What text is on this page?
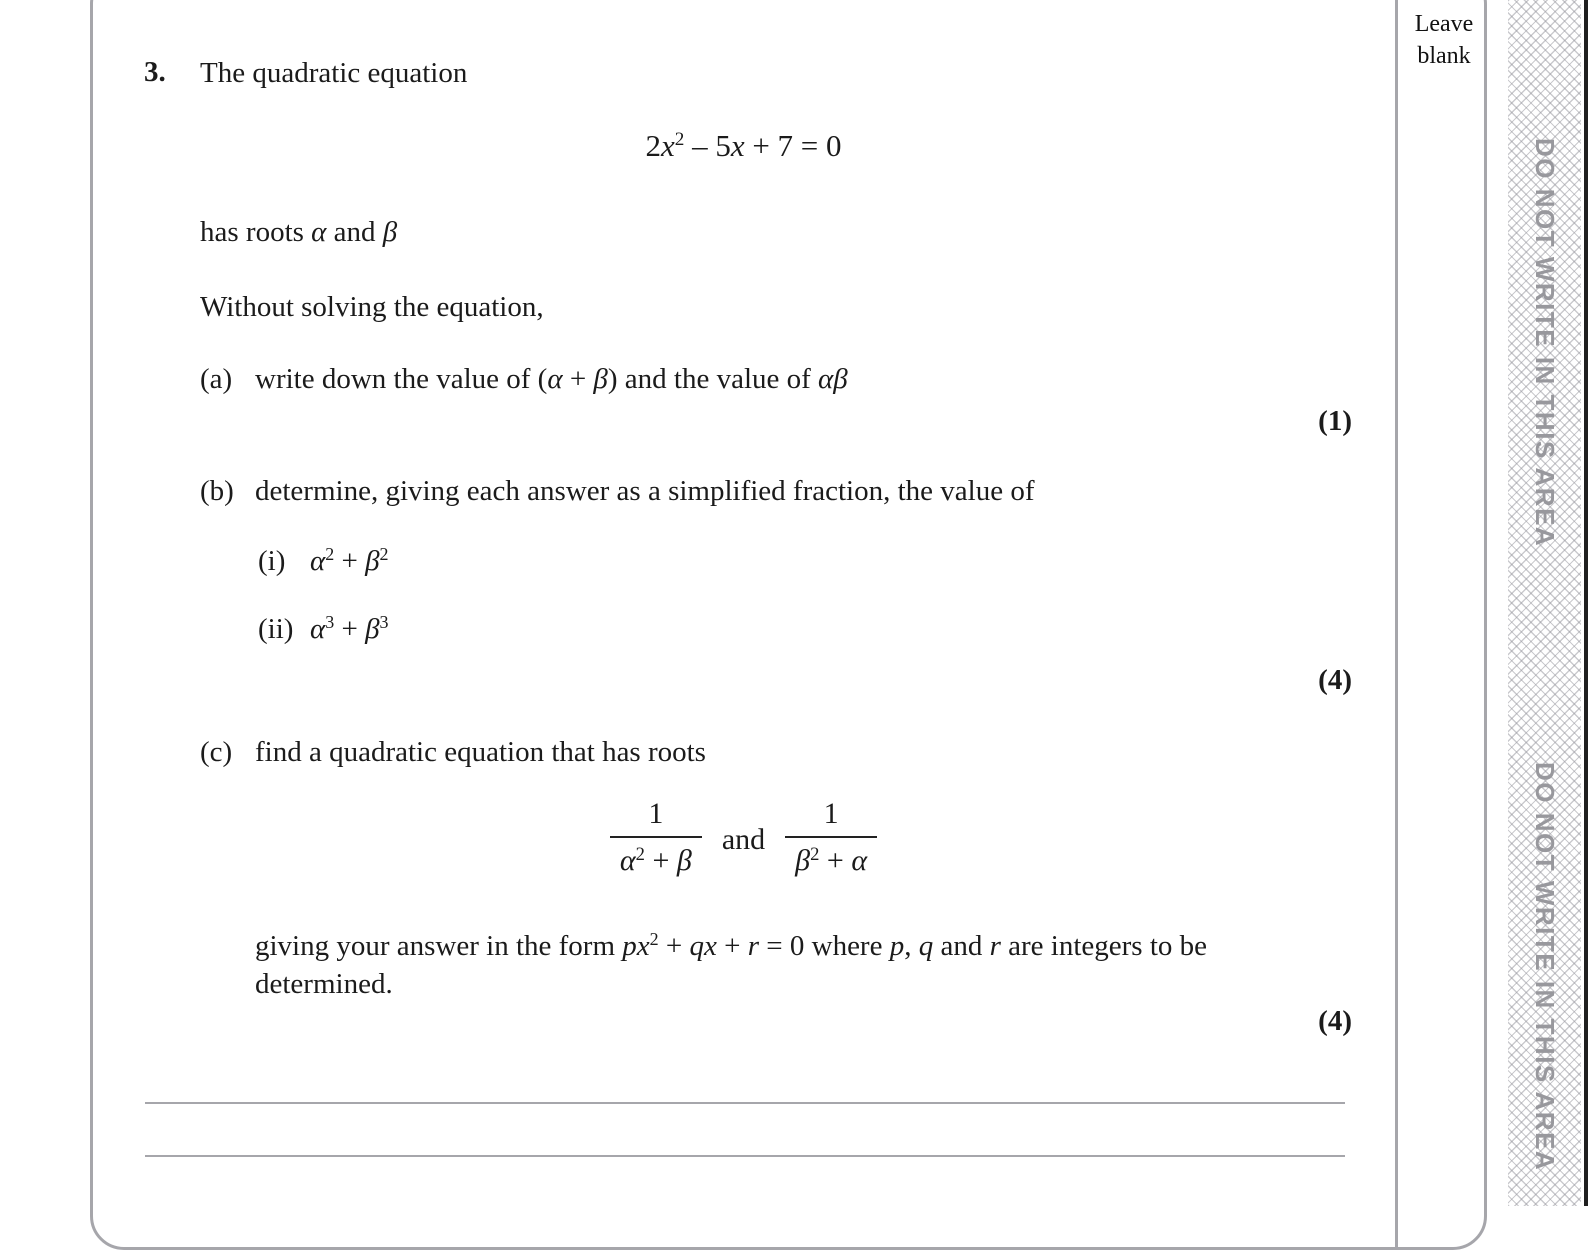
Leave
blank
DO NOT WRITE IN THIS AREA
DO NOT WRITE IN THIS AREA
3. The quadratic equation
$2x^2 - 5x + 7 = 0$
has roots α and β
Without solving the equation,
(a) write down the value of (α + β) and the value of αβ
(1)
(b) determine, giving each answer as a simplified fraction, the value of
(i) $\alpha^2 + \beta^2$
(ii) $\alpha^3 + \beta^3$
(4)
(c) find a quadratic equation that has roots
$\frac{1}{\alpha^2 + \beta}$ and $\frac{1}{\beta^2 + \alpha}$
giving your answer in the form $px^2$ + qx + r = 0 where p, q and r are integers to be
determined.
(4)
